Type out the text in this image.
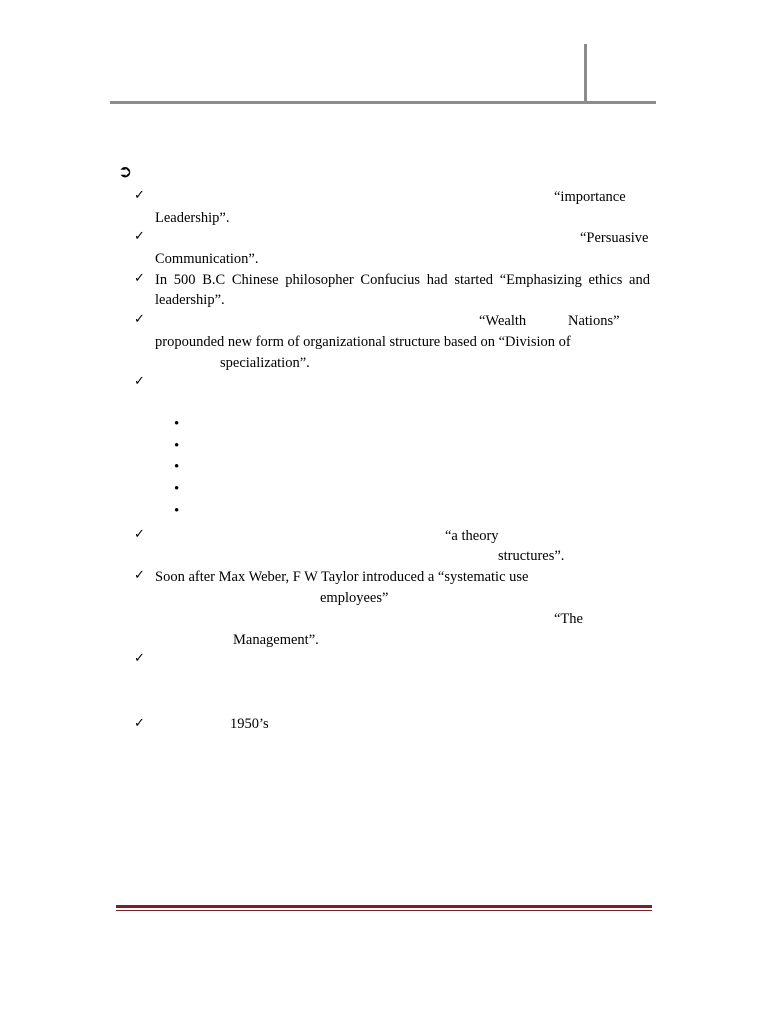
➲
✓	“importance
Leadership”.
✓	“Persuasive
Communication”.
✓ In 500 B.C Chinese philosopher Confucius had started “Emphasizing ethics and
leadership”.
✓	“Wealth	Nations”
propounded new form of organizational structure based on “Division of
specialization”.
✓
•
•
•
•
•
✓	“a theory
structures”.
✓ Soon after Max Weber, F W Taylor introduced a “systematic use
employees”
“The
Management”.
✓
✓	1950’s
